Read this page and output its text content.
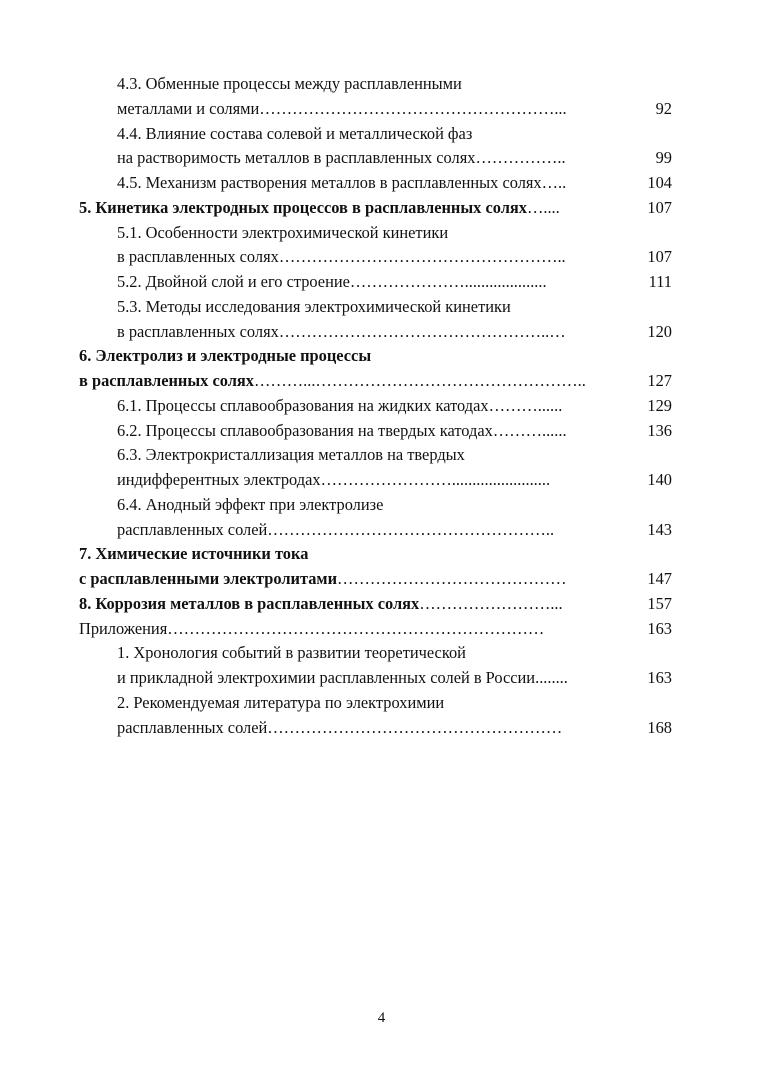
4.3. Обменные процессы между расплавленными
металлами и солями………………………………………………...	92
4.4. Влияние состава солевой и металлической фаз
на растворимость металлов в расплавленных солях……………..	99
4.5. Механизм растворения металлов в расплавленных солях…..	104
5. Кинетика электродных процессов в расплавленных солях…....	107
5.1. Особенности электрохимической кинетики
в расплавленных солях……………………………………………..	107
5.2. Двойной слой и его строение…………………....................	111
5.3. Методы исследования электрохимической кинетики
в расплавленных солях…………………………………………..…	120
6. Электролиз и электродные процессы
в расплавленных солях………...…………………………………………..	127
6.1. Процессы сплавообразования на жидких катодах………......	129
6.2. Процессы сплавообразования на твердых катодах………......	136
6.3. Электрокристаллизация металлов на твердых
индифферентных электродах……………………........................	140
6.4. Анодный эффект при электролизе
расплавленных солей……………………………………………..	143
7. Химические источники тока
с расплавленными электролитами……………………………………	147
8. Коррозия металлов в расплавленных солях……………………...	157
Приложения……………………………………………………………	163
1. Хронология событий в развитии теоретической
и прикладной электрохимии расплавленных солей в России........	163
2. Рекомендуемая литература по электрохимии
расплавленных солей………………………………………………	168
4
